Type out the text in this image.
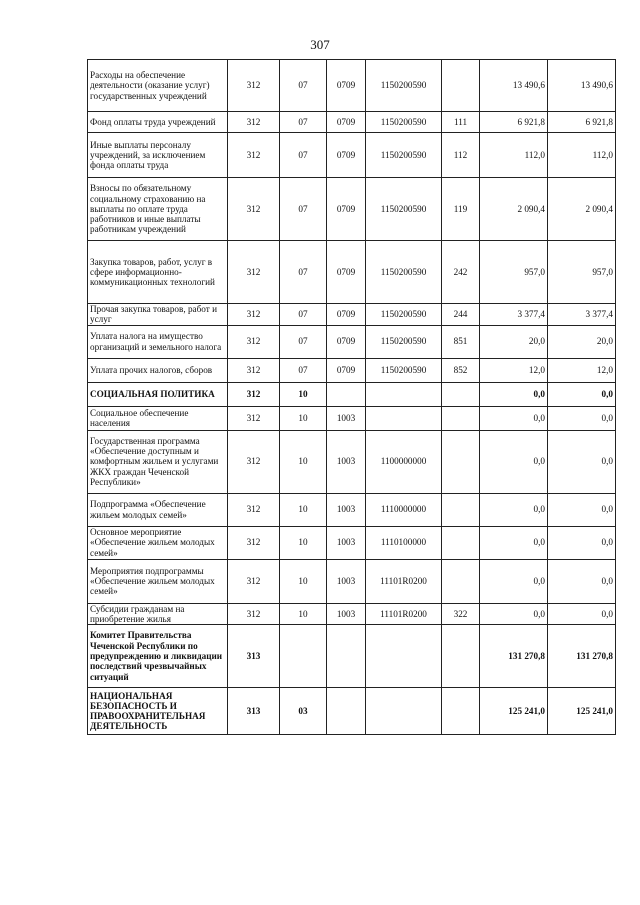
307
Расходы на обеспечение деятельности (оказание услуг) государственных учреждений	312	07	0709	1150200590		13 490,6	13 490,6
Фонд оплаты труда учреждений	312	07	0709	1150200590	111	6 921,8	6 921,8
Иные выплаты персоналу учреждений, за исключением фонда оплаты труда	312	07	0709	1150200590	112	112,0	112,0
Взносы по обязательному социальному страхованию на выплаты по оплате труда работников и иные выплаты работникам учреждений	312	07	0709	1150200590	119	2 090,4	2 090,4
Закупка товаров, работ, услуг в сфере информационно-коммуникационных технологий	312	07	0709	1150200590	242	957,0	957,0
Прочая закупка товаров, работ и услуг	312	07	0709	1150200590	244	3 377,4	3 377,4
Уплата налога на имущество организаций и земельного налога	312	07	0709	1150200590	851	20,0	20,0
Уплата прочих налогов, сборов	312	07	0709	1150200590	852	12,0	12,0
СОЦИАЛЬНАЯ ПОЛИТИКА	312	10				0,0	0,0
Социальное обеспечение населения	312	10	1003			0,0	0,0
Государственная программа «Обеспечение доступным и комфортным жильем и услугами ЖКХ граждан Чеченской Республики»	312	10	1003	1100000000		0,0	0,0
Подпрограмма «Обеспечение жильем молодых семей»	312	10	1003	1110000000		0,0	0,0
Основное мероприятие «Обеспечение жильем молодых семей»	312	10	1003	1110100000		0,0	0,0
Мероприятия подпрограммы «Обеспечение жильем молодых семей»	312	10	1003	11101R0200		0,0	0,0
Субсидии гражданам на приобретение жилья	312	10	1003	11101R0200	322	0,0	0,0
Комитет Правительства Чеченской Республики по предупреждению и ликвидации последствий чрезвычайных ситуаций	313					131 270,8	131 270,8
НАЦИОНАЛЬНАЯ БЕЗОПАСНОСТЬ И ПРАВООХРАНИТЕЛЬНАЯ ДЕЯТЕЛЬНОСТЬ	313	03				125 241,0	125 241,0
